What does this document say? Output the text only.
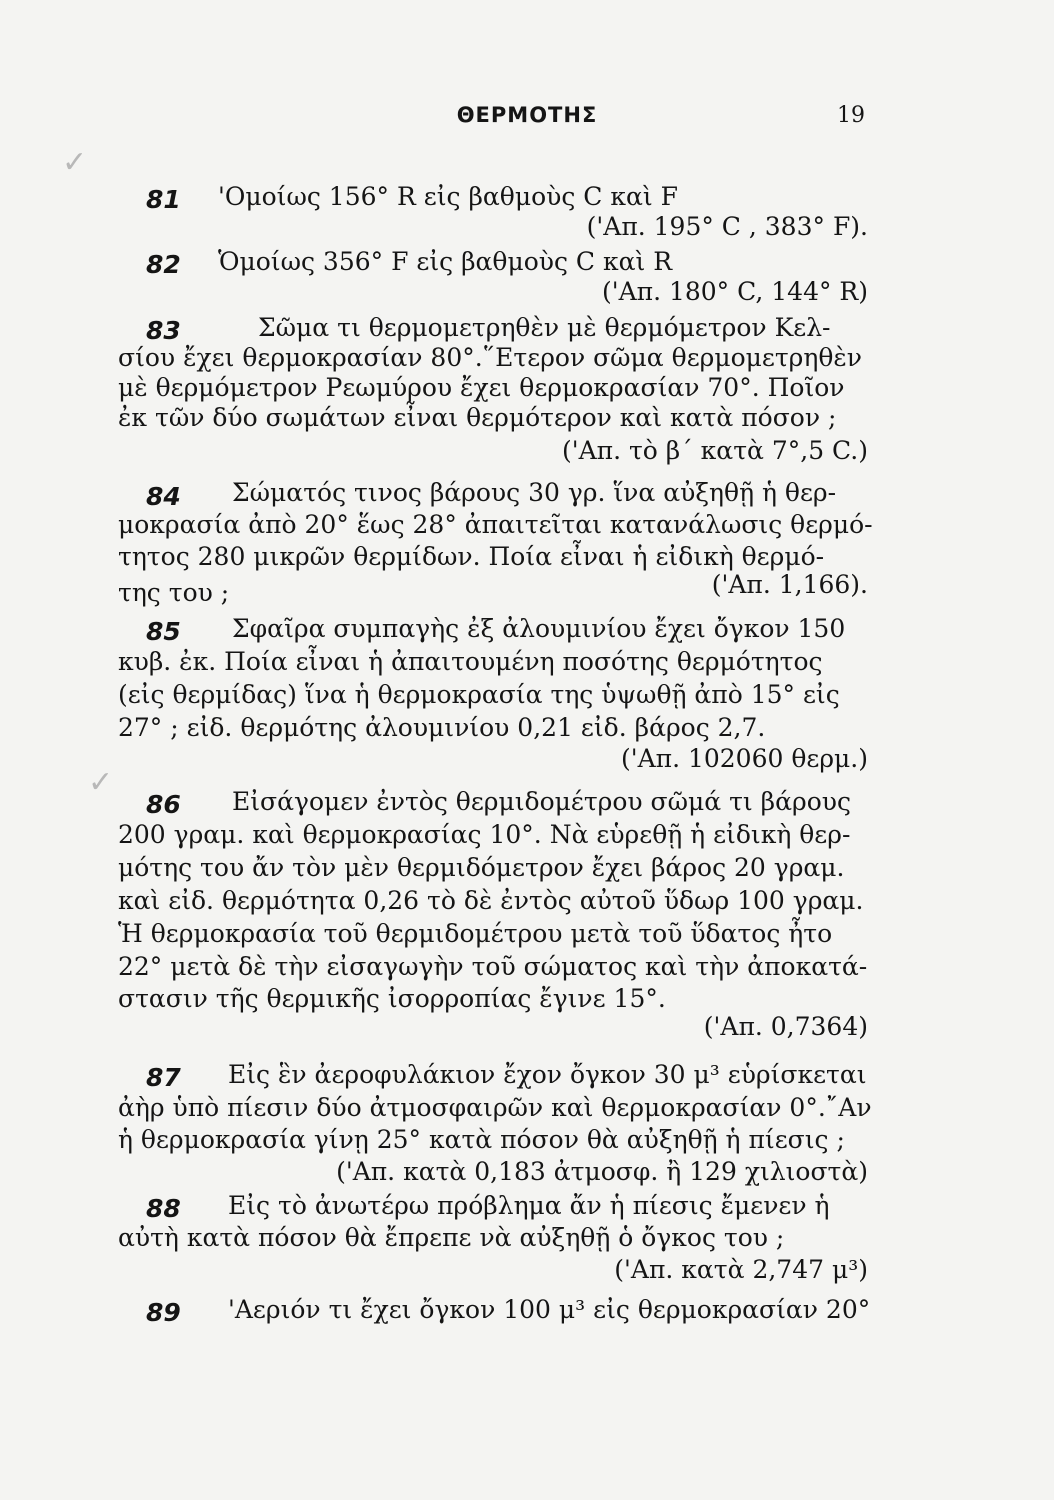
ΘΕΡΜΟΤΗΣ	19
✓
✓
81 'Ομοίως 156° R εἰς βαθμοὺς C καὶ F
('Απ. 195° C , 383° F).
82 Ὁμοίως 356° F εἰς βαθμοὺς C καὶ R
('Απ. 180° C, 144° R)
83	Σῶμα τι θερμομετρηθὲν μὲ θερμόμετρον Κελ-
σίου ἔχει θερμοκρασίαν 80°.῞Ετερον σῶμα θερμομετρηθὲν
μὲ θερμόμετρον Ρεωμύρου ἔχει θερμοκρασίαν 70°. Ποῖον
ἐκ τῶν δύο σωμάτων εἶναι θερμότερον καὶ κατὰ πόσον ;
('Απ. τὸ β΄ κατὰ 7°,5 C.)
84 Σώματός τινος βάρους 30 γρ. ἵνα αὐξηθῇ ἡ θερ-
μοκρασία ἀπὸ 20° ἕως 28° ἀπαιτεῖται κατανάλωσις θερμό-
τητος 280 μικρῶν θερμίδων. Ποία εἶναι ἡ εἰδικὴ θερμό-
της του ;	('Απ. 1,166).
85 Σφαῖρα συμπαγὴς ἐξ ἀλουμινίου ἔχει ὄγκον 150
κυβ. ἐκ. Ποία εἶναι ἡ ἀπαιτουμένη ποσότης θερμότητος
(εἰς θερμίδας) ἵνα ἡ θερμοκρασία της ὑψωθῇ ἀπὸ 15° εἰς
27° ; εἰδ. θερμότης ἀλουμινίου 0,21 εἰδ. βάρος 2,7.
('Απ. 102060 θερμ.)
86 Εἰσάγομεν ἐντὸς θερμιδομέτρου σῶμά τι βάρους
200 γραμ. καὶ θερμοκρασίας 10°. Νὰ εὑρεθῇ ἡ εἰδικὴ θερ-
μότης του ἄν τὸν μὲν θερμιδόμετρον ἔχει βάρος 20 γραμ.
καὶ εἰδ. θερμότητα 0,26 τὸ δὲ ἐντὸς αὐτοῦ ὕδωρ 100 γραμ.
Ἡ θερμοκρασία τοῦ θερμιδομέτρου μετὰ τοῦ ὕδατος ἦτο
22° μετὰ δὲ τὴν εἰσαγωγὴν τοῦ σώματος καὶ τὴν ἀποκατά-
στασιν τῆς θερμικῆς ἰσορροπίας ἔγινε 15°.
('Απ. 0,7364)
87 Εἰς ἓν ἀεροφυλάκιον ἔχον ὄγκον 30 μ³ εὑρίσκεται
ἀὴρ ὑπὸ πίεσιν δύο ἀτμοσφαιρῶν καὶ θερμοκρασίαν 0°.῎Αν
ἡ θερμοκρασία γίνῃ 25° κατὰ πόσον θὰ αὐξηθῇ ἡ πίεσις ;
('Απ. κατὰ 0,183 ἀτμοσφ. ἢ 129 χιλιοστὰ)
88 Εἰς τὸ ἀνωτέρω πρόβλημα ἄν ἡ πίεσις ἔμενεν ἡ
αὐτὴ κατὰ πόσον θὰ ἔπρεπε νὰ αὐξηθῇ ὁ ὄγκος του ;
('Απ. κατὰ 2,747 μ³)
89 'Αεριόν τι ἔχει ὄγκον 100 μ³ εἰς θερμοκρασίαν 20°
